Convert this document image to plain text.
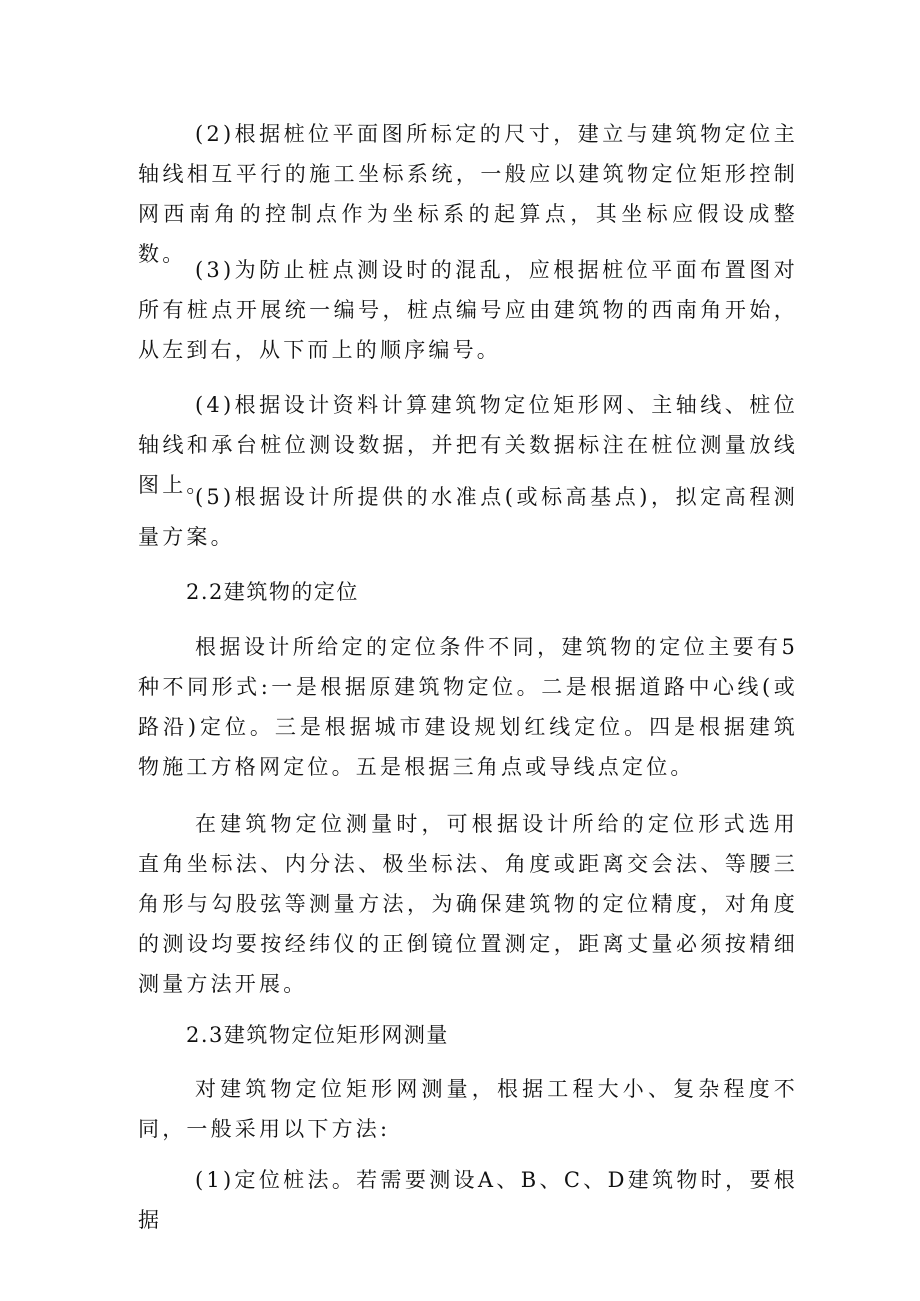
(2)根据桩位平面图所标定的尺寸，建立与建筑物定位主轴线相互平行的施工坐标系统，一般应以建筑物定位矩形控制网西南角的控制点作为坐标系的起算点，其坐标应假设成整数。

(3)为防止桩点测设时的混乱，应根据桩位平面布置图对所有桩点开展统一编号，桩点编号应由建筑物的西南角开始，从左到右，从下而上的顺序编号。

(4)根据设计资料计算建筑物定位矩形网、主轴线、桩位轴线和承台桩位测设数据，并把有关数据标注在桩位测量放线图上。

(5)根据设计所提供的水准点(或标高基点)，拟定高程测量方案。

2.2建筑物的定位

根据设计所给定的定位条件不同，建筑物的定位主要有5种不同形式:一是根据原建筑物定位。二是根据道路中心线(或路沿)定位。三是根据城市建设规划红线定位。四是根据建筑物施工方格网定位。五是根据三角点或导线点定位。

在建筑物定位测量时，可根据设计所给的定位形式选用直角坐标法、内分法、极坐标法、角度或距离交会法、等腰三角形与勾股弦等测量方法，为确保建筑物的定位精度，对角度的测设均要按经纬仪的正倒镜位置测定，距离丈量必须按精细测量方法开展。

2.3建筑物定位矩形网测量

对建筑物定位矩形网测量，根据工程大小、复杂程度不同，一般采用以下方法:

(1)定位桩法。若需要测设A、B、C、D建筑物时，要根据
